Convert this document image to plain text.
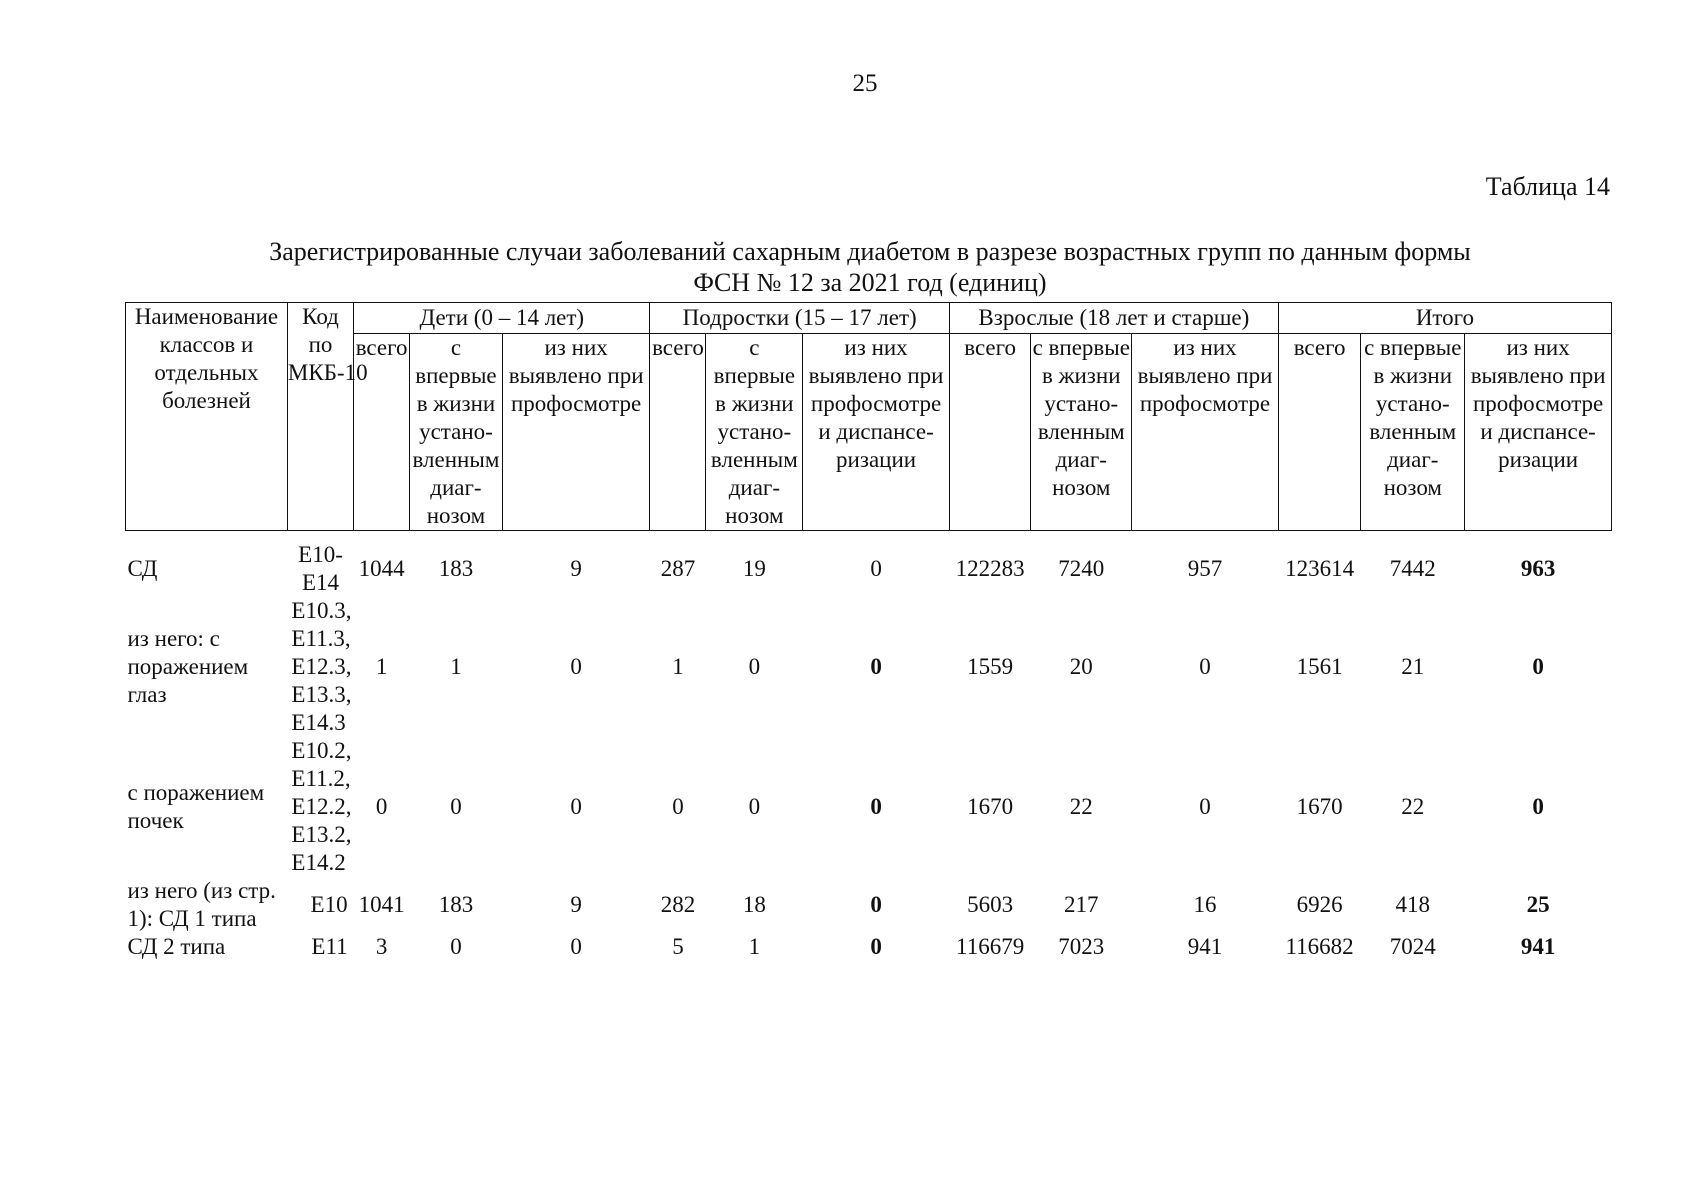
25
Таблица 14
Зарегистрированные случаи заболеваний сахарным диабетом в разрезе возрастных групп по данным формы
ФСН № 12 за 2021 год (единиц)
Наименование классов и отдельных болезней	Код по МКБ-10	Дети (0 – 14 лет)			Подростки (15 – 17 лет)			Взрослые (18 лет и старше)			Итого		
		всего	с впервые в жизни устано-вленным диаг-нозом	из них выявлено при профосмотре	всего	с впервые в жизни устано-вленным диаг-нозом	из них выявлено при профосмотре и диспансе-ризации	всего	с впервые в жизни устано-вленным диаг-нозом	из них выявлено при профосмотре	всего	с впервые в жизни устано-вленным диаг-нозом	из них выявлено при профосмотре и диспансе-ризации

СД	E10-E14	1044	183	9	287	19	0	122283	7240	957	123614	7442	963
из него: с поражением глаз	E10.3, E11.3, E12.3, E13.3, E14.3	1	1	0	1	0	0	1559	20	0	1561	21	0
с поражением почек	E10.2, E11.2, E12.2, E13.2, E14.2	0	0	0	0	0	0	1670	22	0	1670	22	0
из него (из стр. 1): СД 1 типа	E10	1041	183	9	282	18	0	5603	217	16	6926	418	25
СД 2 типа	E11	3	0	0	5	1	0	116679	7023	941	116682	7024	941
